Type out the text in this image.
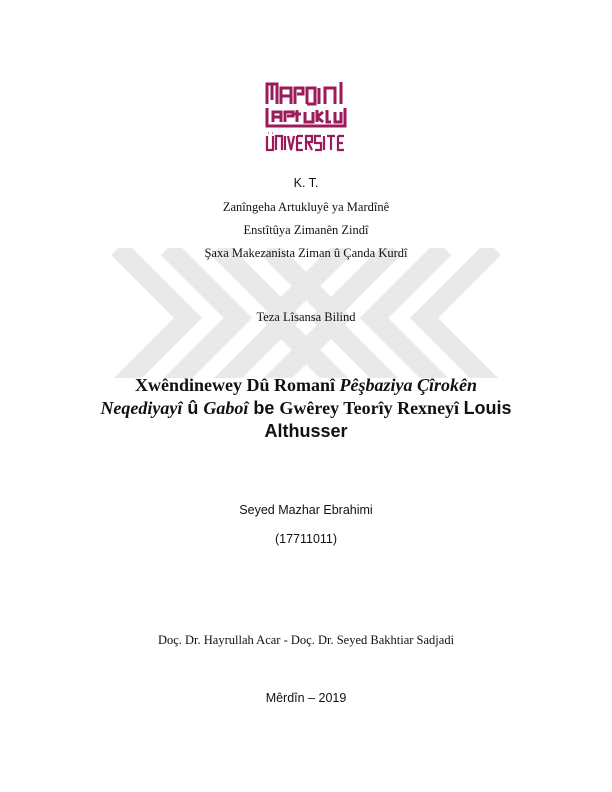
K. T.
Zanîngeha Artukluyê ya Mardînê
Enstîtûya Zimanên Zindî
Şaxa Makezanista Ziman û Çanda Kurdî
Teza Lîsansa Bilind
Xwêndinewey Dû Romanî Pêşbaziya Çîrokên
Neqediyayî û Gaboî be Gwêrey Teorîy Rexneyî Louis
Althusser
Seyed Mazhar Ebrahimi
(17711011)
Doç. Dr. Hayrullah Acar - Doç. Dr. Seyed Bakhtiar Sadjadi
Mêrdîn – 2019
